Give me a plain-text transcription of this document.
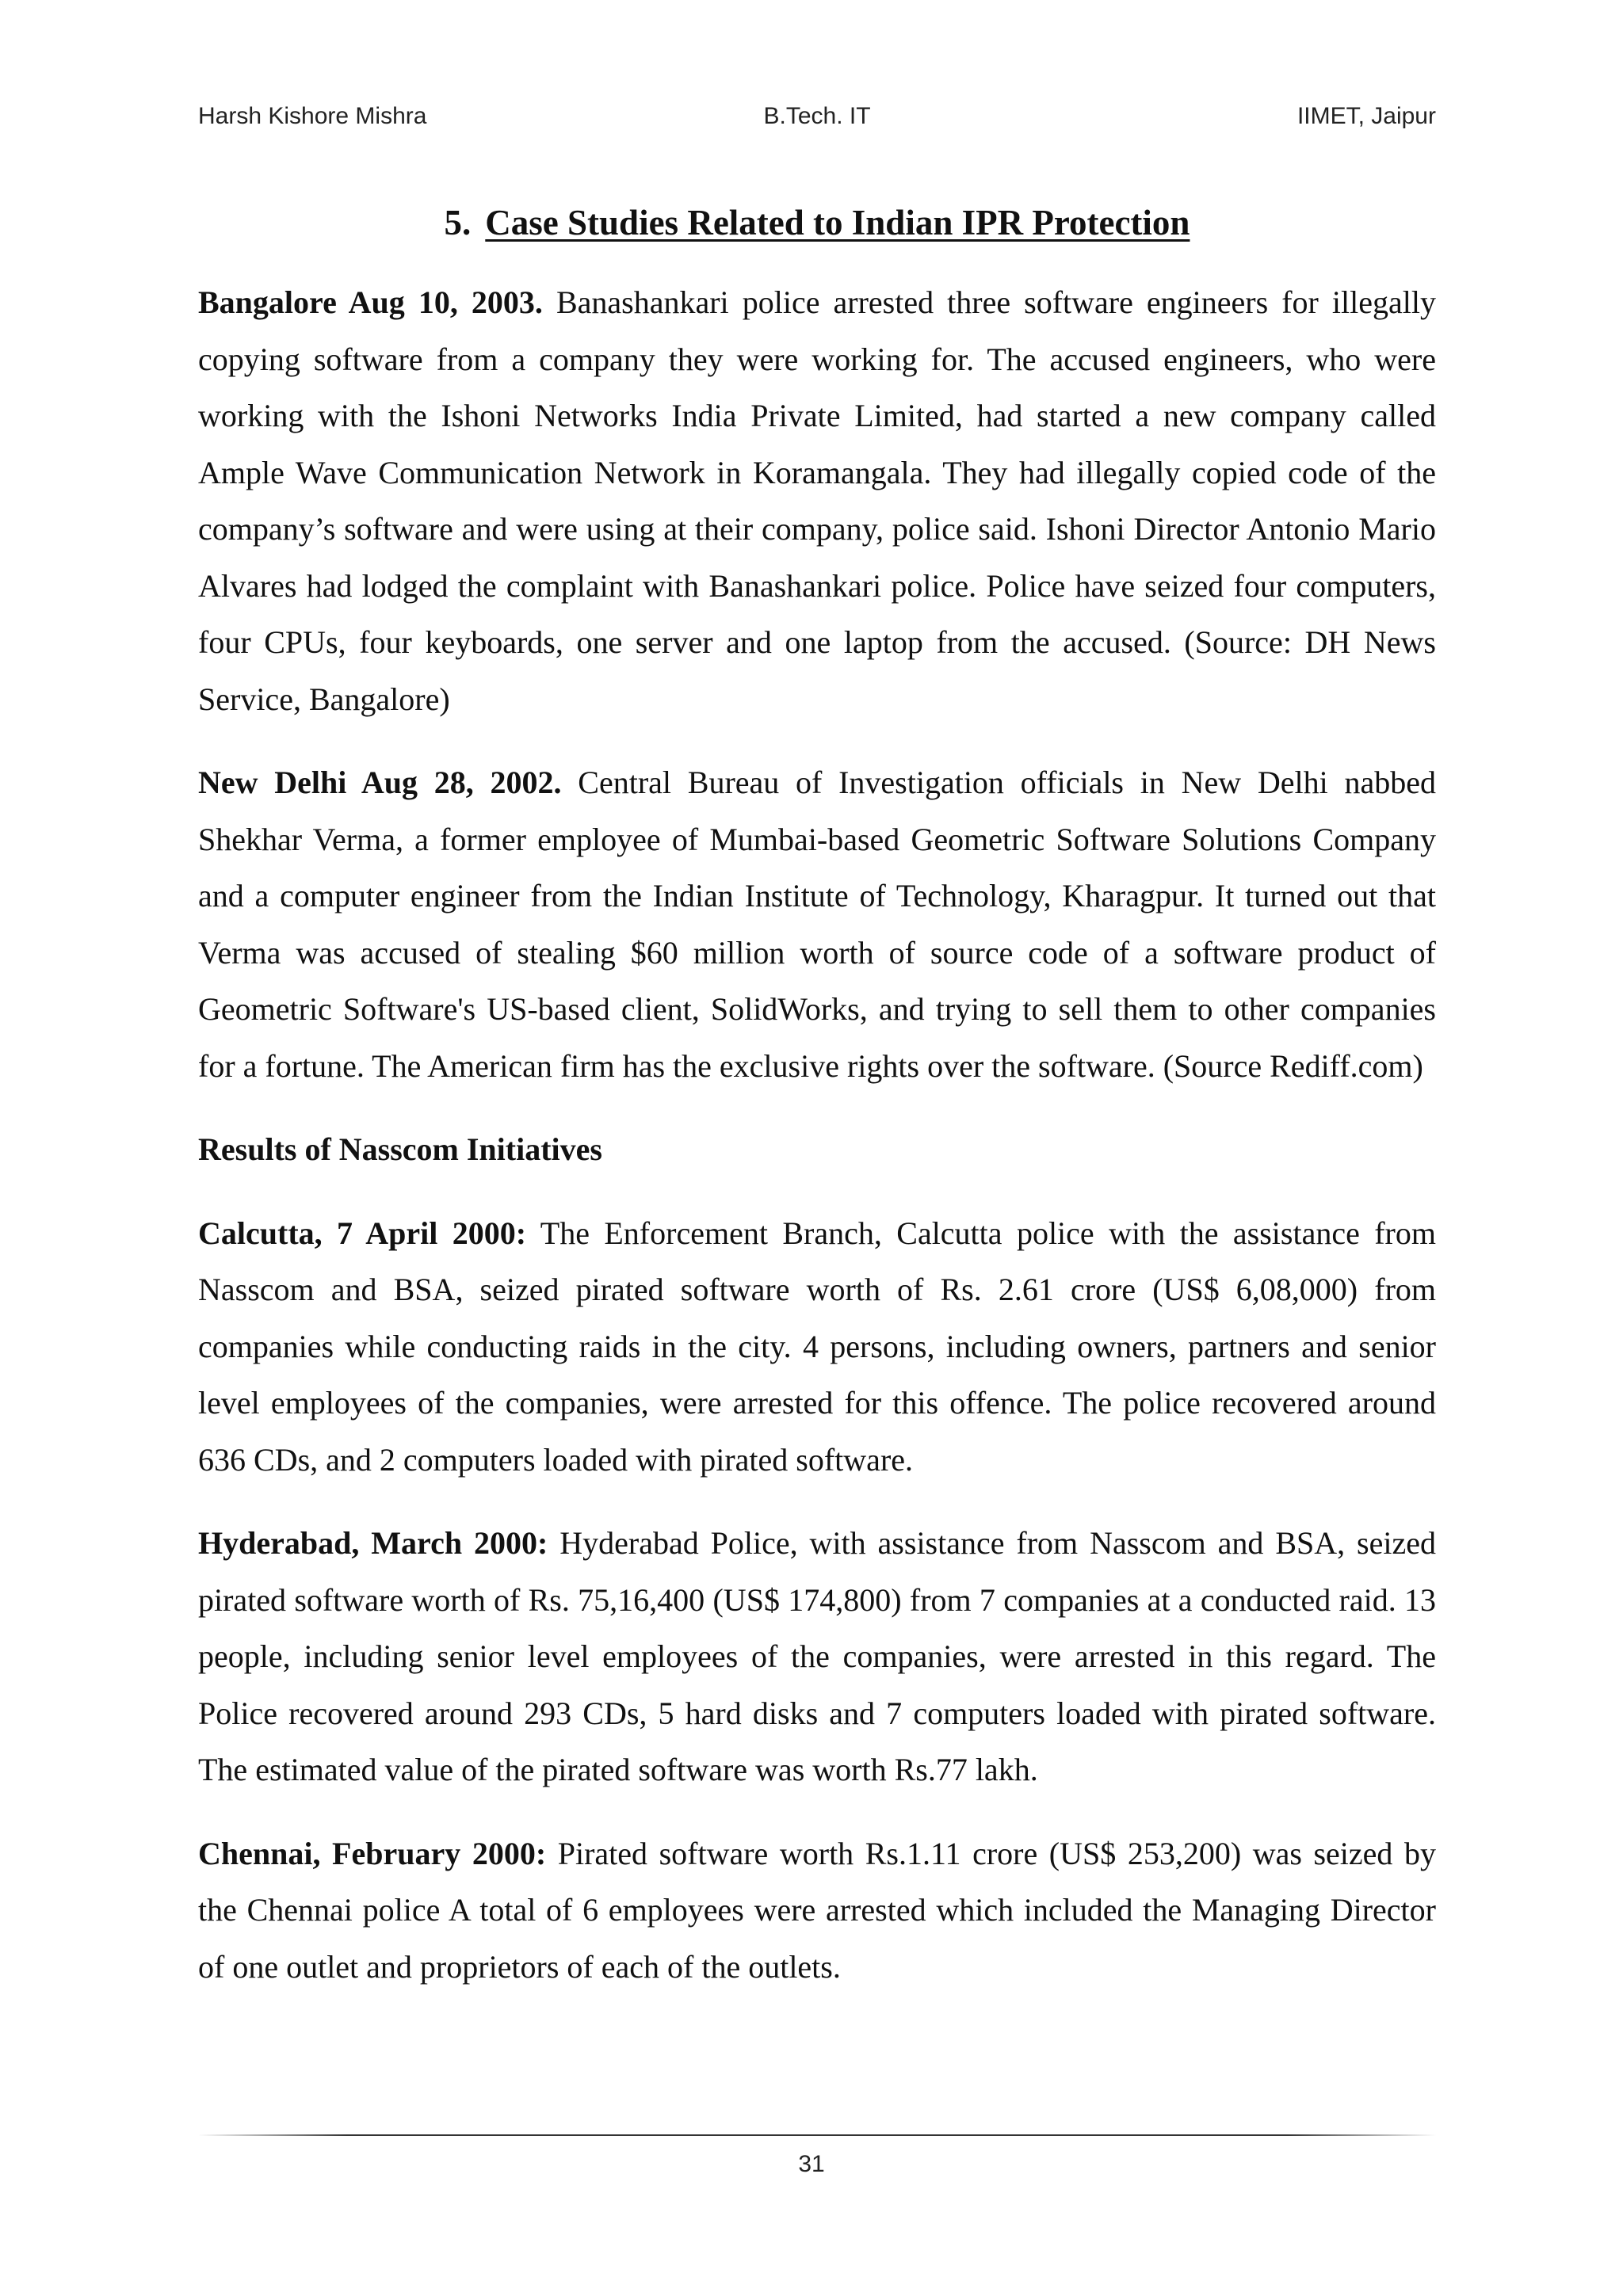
Harsh Kishore Mishra	B.Tech. IT	IIMET, Jaipur
5. Case Studies Related to Indian IPR Protection

Bangalore Aug 10, 2003. Banashankari police arrested three software engineers for illegally copying software from a company they were working for. The accused engineers, who were working with the Ishoni Networks India Private Limited, had started a new company called Ample Wave Communication Network in Koramangala. They had illegally copied code of the company’s software and were using at their company, police said. Ishoni Director Antonio Mario Alvares had lodged the complaint with Banashankari police. Police have seized four computers, four CPUs, four keyboards, one server and one laptop from the accused. (Source: DH News Service, Bangalore)

New Delhi Aug 28, 2002. Central Bureau of Investigation officials in New Delhi nabbed Shekhar Verma, a former employee of Mumbai-based Geometric Software Solutions Company and a computer engineer from the Indian Institute of Technology, Kharagpur. It turned out that Verma was accused of stealing $60 million worth of source code of a software product of Geometric Software's US-based client, SolidWorks, and trying to sell them to other companies for a fortune. The American firm has the exclusive rights over the software. (Source Rediff.com)

Results of Nasscom Initiatives

Calcutta, 7 April 2000: The Enforcement Branch, Calcutta police with the assistance from Nasscom and BSA, seized pirated software worth of Rs. 2.61 crore (US$ 6,08,000) from companies while conducting raids in the city. 4 persons, including owners, partners and senior level employees of the companies, were arrested for this offence. The police recovered around 636 CDs, and 2 computers loaded with pirated software.

Hyderabad, March 2000: Hyderabad Police, with assistance from Nasscom and BSA, seized pirated software worth of Rs. 75,16,400 (US$ 174,800) from 7 companies at a conducted raid. 13 people, including senior level employees of the companies, were arrested in this regard. The Police recovered around 293 CDs, 5 hard disks and 7 computers loaded with pirated software. The estimated value of the pirated software was worth Rs.77 lakh.

Chennai, February 2000: Pirated software worth Rs.1.11 crore (US$ 253,200) was seized by the Chennai police A total of 6 employees were arrested which included the Managing Director of one outlet and proprietors of each of the outlets.

31
